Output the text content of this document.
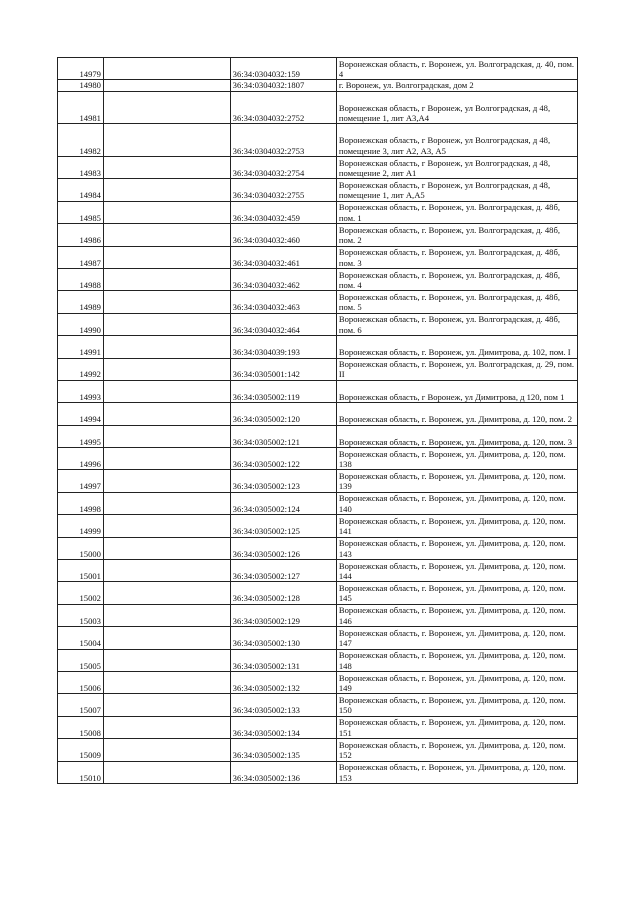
14979		36:34:0304032:159	Воронежская область, г. Воронеж, ул. Волгоградская, д. 40, пом. 4
14980		36:34:0304032:1807	г. Воронеж, ул. Волгоградская, дом 2
14981		36:34:0304032:2752	Воронежская область, г Воронеж, ул Волгоградская, д 48, помещение 1, лит А3,А4
14982		36:34:0304032:2753	Воронежская область, г Воронеж, ул Волгоградская, д 48, помещение 3, лит А2, А3, А5
14983		36:34:0304032:2754	Воронежская область, г Воронеж, ул Волгоградская, д 48, помещение 2, лит А1
14984		36:34:0304032:2755	Воронежская область, г Воронеж, ул Волгоградская, д 48, помещение 1, лит А,А5
14985		36:34:0304032:459	Воронежская область, г. Воронеж, ул. Волгоградская, д. 48б, пом. 1
14986		36:34:0304032:460	Воронежская область, г. Воронеж, ул. Волгоградская, д. 48б, пом. 2
14987		36:34:0304032:461	Воронежская область, г. Воронеж, ул. Волгоградская, д. 48б, пом. 3
14988		36:34:0304032:462	Воронежская область, г. Воронеж, ул. Волгоградская, д. 48б, пом. 4
14989		36:34:0304032:463	Воронежская область, г. Воронеж, ул. Волгоградская, д. 48б, пом. 5
14990		36:34:0304032:464	Воронежская область, г. Воронеж, ул. Волгоградская, д. 48б, пом. 6
14991		36:34:0304039:193	Воронежская область, г. Воронеж, ул. Димитрова, д. 102, пом. I
14992		36:34:0305001:142	Воронежская область, г. Воронеж, ул. Волгоградская, д. 29, пом. II
14993		36:34:0305002:119	Воронежская область, г Воронеж, ул Димитрова, д 120, пом 1
14994		36:34:0305002:120	Воронежская область, г. Воронеж, ул. Димитрова, д. 120, пом. 2
14995		36:34:0305002:121	Воронежская область, г. Воронеж, ул. Димитрова, д. 120, пом. 3
14996		36:34:0305002:122	Воронежская область, г. Воронеж, ул. Димитрова, д. 120, пом. 138
14997		36:34:0305002:123	Воронежская область, г. Воронеж, ул. Димитрова, д. 120, пом. 139
14998		36:34:0305002:124	Воронежская область, г. Воронеж, ул. Димитрова, д. 120, пом. 140
14999		36:34:0305002:125	Воронежская область, г. Воронеж, ул. Димитрова, д. 120, пом. 141
15000		36:34:0305002:126	Воронежская область, г. Воронеж, ул. Димитрова, д. 120, пом. 143
15001		36:34:0305002:127	Воронежская область, г. Воронеж, ул. Димитрова, д. 120, пом. 144
15002		36:34:0305002:128	Воронежская область, г. Воронеж, ул. Димитрова, д. 120, пом. 145
15003		36:34:0305002:129	Воронежская область, г. Воронеж, ул. Димитрова, д. 120, пом. 146
15004		36:34:0305002:130	Воронежская область, г. Воронеж, ул. Димитрова, д. 120, пом. 147
15005		36:34:0305002:131	Воронежская область, г. Воронеж, ул. Димитрова, д. 120, пом. 148
15006		36:34:0305002:132	Воронежская область, г. Воронеж, ул. Димитрова, д. 120, пом. 149
15007		36:34:0305002:133	Воронежская область, г. Воронеж, ул. Димитрова, д. 120, пом. 150
15008		36:34:0305002:134	Воронежская область, г. Воронеж, ул. Димитрова, д. 120, пом. 151
15009		36:34:0305002:135	Воронежская область, г. Воронеж, ул. Димитрова, д. 120, пом. 152
15010		36:34:0305002:136	Воронежская область, г. Воронеж, ул. Димитрова, д. 120, пом. 153
